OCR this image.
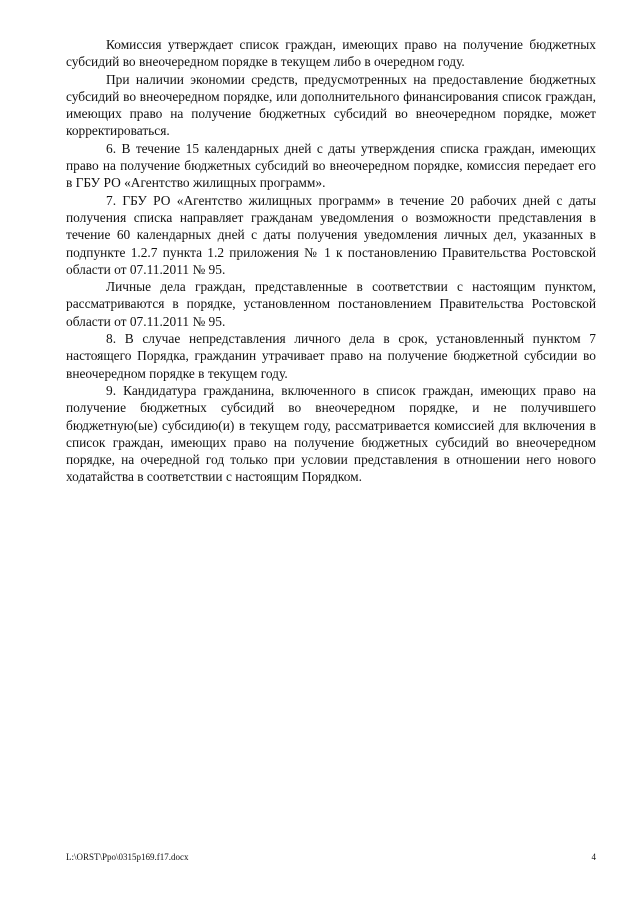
Комиссия утверждает список граждан, имеющих право на получение бюджетных субсидий во внеочередном порядке в текущем либо в очередном году.

При наличии экономии средств, предусмотренных на предоставление бюджетных субсидий во внеочередном порядке, или дополнительного финансирования список граждан, имеющих право на получение бюджетных субсидий во внеочередном порядке, может корректироваться.

6. В течение 15 календарных дней с даты утверждения списка граждан, имеющих право на получение бюджетных субсидий во внеочередном порядке, комиссия передает его в ГБУ РО «Агентство жилищных программ».

7. ГБУ РО «Агентство жилищных программ» в течение 20 рабочих дней с даты получения списка направляет гражданам уведомления о возможности представления в течение 60 календарных дней с даты получения уведомления личных дел, указанных в подпункте 1.2.7 пункта 1.2 приложения № 1 к постановлению Правительства Ростовской области от 07.11.2011 № 95.

Личные дела граждан, представленные в соответствии с настоящим пунктом, рассматриваются в порядке, установленном постановлением Правительства Ростовской области от 07.11.2011 № 95.

8. В случае непредставления личного дела в срок, установленный пунктом 7 настоящего Порядка, гражданин утрачивает право на получение бюджетной субсидии во внеочередном порядке в текущем году.

9. Кандидатура гражданина, включенного в список граждан, имеющих право на получение бюджетных субсидий во внеочередном порядке, и не получившего бюджетную(ые) субсидию(и) в текущем году, рассматривается комиссией для включения в список граждан, имеющих право на получение бюджетных субсидий во внеочередном порядке, на очередной год только при условии представления в отношении него нового ходатайства в соответствии с настоящим Порядком.

L:\ORST\Ppo\0315p169.f17.docx	4
